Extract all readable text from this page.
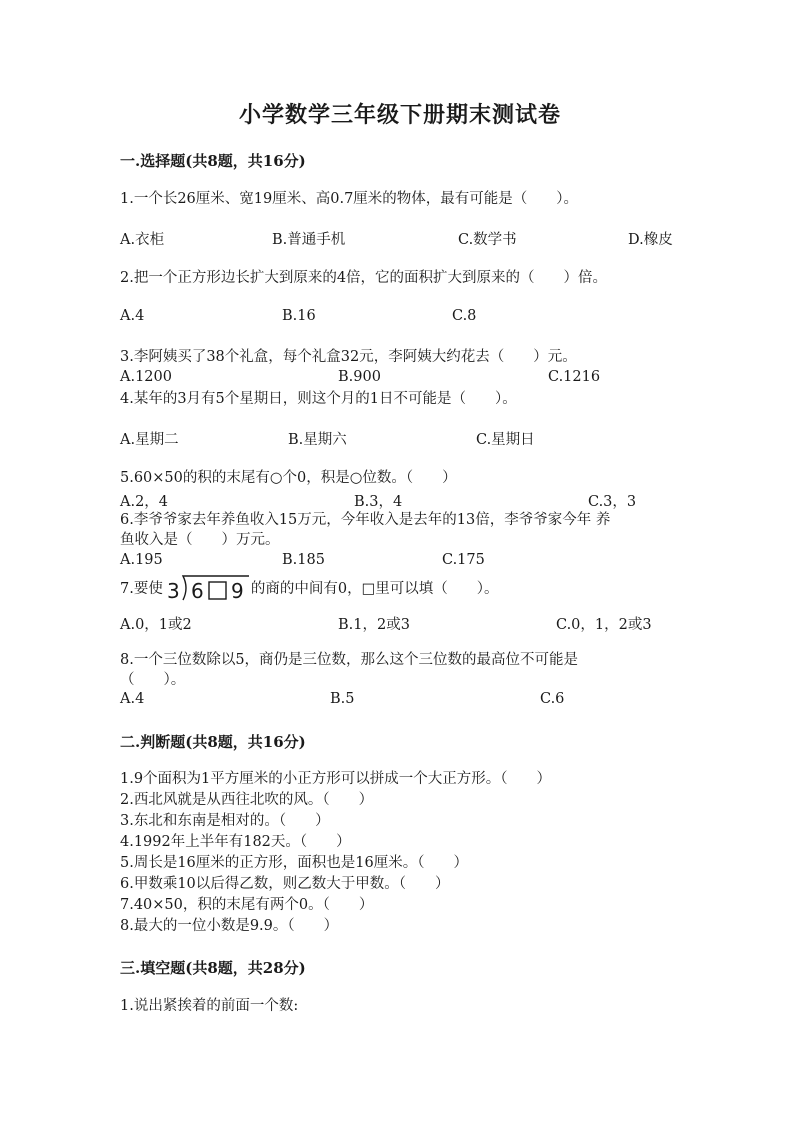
小学数学三年级下册期末测试卷
一.选择题(共8题，共16分)
1.一个长26厘米、宽19厘米、高0.7厘米的物体，最有可能是（　　）。
A.衣柜	B.普通手机	C.数学书	D.橡皮
2.把一个正方形边长扩大到原来的4倍，它的面积扩大到原来的（　　）倍。
A.4	B.16	C.8
3.李阿姨买了38个礼盒，每个礼盒32元，李阿姨大约花去（　　）元。
A.1200	B.900	C.1216
4.某年的3月有5个星期日，则这个月的1日不可能是（　　）。
A.星期二	B.星期六	C.星期日
5.60×50的积的末尾有○个0，积是○位数。（　　）
A.2，4	B.3，4	C.3，3
6.李爷爷家去年养鱼收入15万元，今年收入是去年的13倍，李爷爷家今年 养
鱼收入是（　　）万元。
A.195	B.185	C.175
7.要使 3 6 9 的商的中间有0，□里可以填（　　）。
A.0，1或2	B.1，2或3	C.0，1，2或3
8.一个三位数除以5，商仍是三位数，那么这个三位数的最高位不可能是
（　　）。
A.4	B.5	C.6
二.判断题(共8题，共16分)
1.9个面积为1平方厘米的小正方形可以拼成一个大正方形。（　　）
2.西北风就是从西往北吹的风。（　　）
3.东北和东南是相对的。（　　）
4.1992年上半年有182天。（　　）
5.周长是16厘米的正方形，面积也是16厘米。（　　）
6.甲数乘10以后得乙数，则乙数大于甲数。（　　）
7.40×50，积的末尾有两个0。（　　）
8.最大的一位小数是9.9。（　　）
三.填空题(共8题，共28分)
1.说出紧挨着的前面一个数:
